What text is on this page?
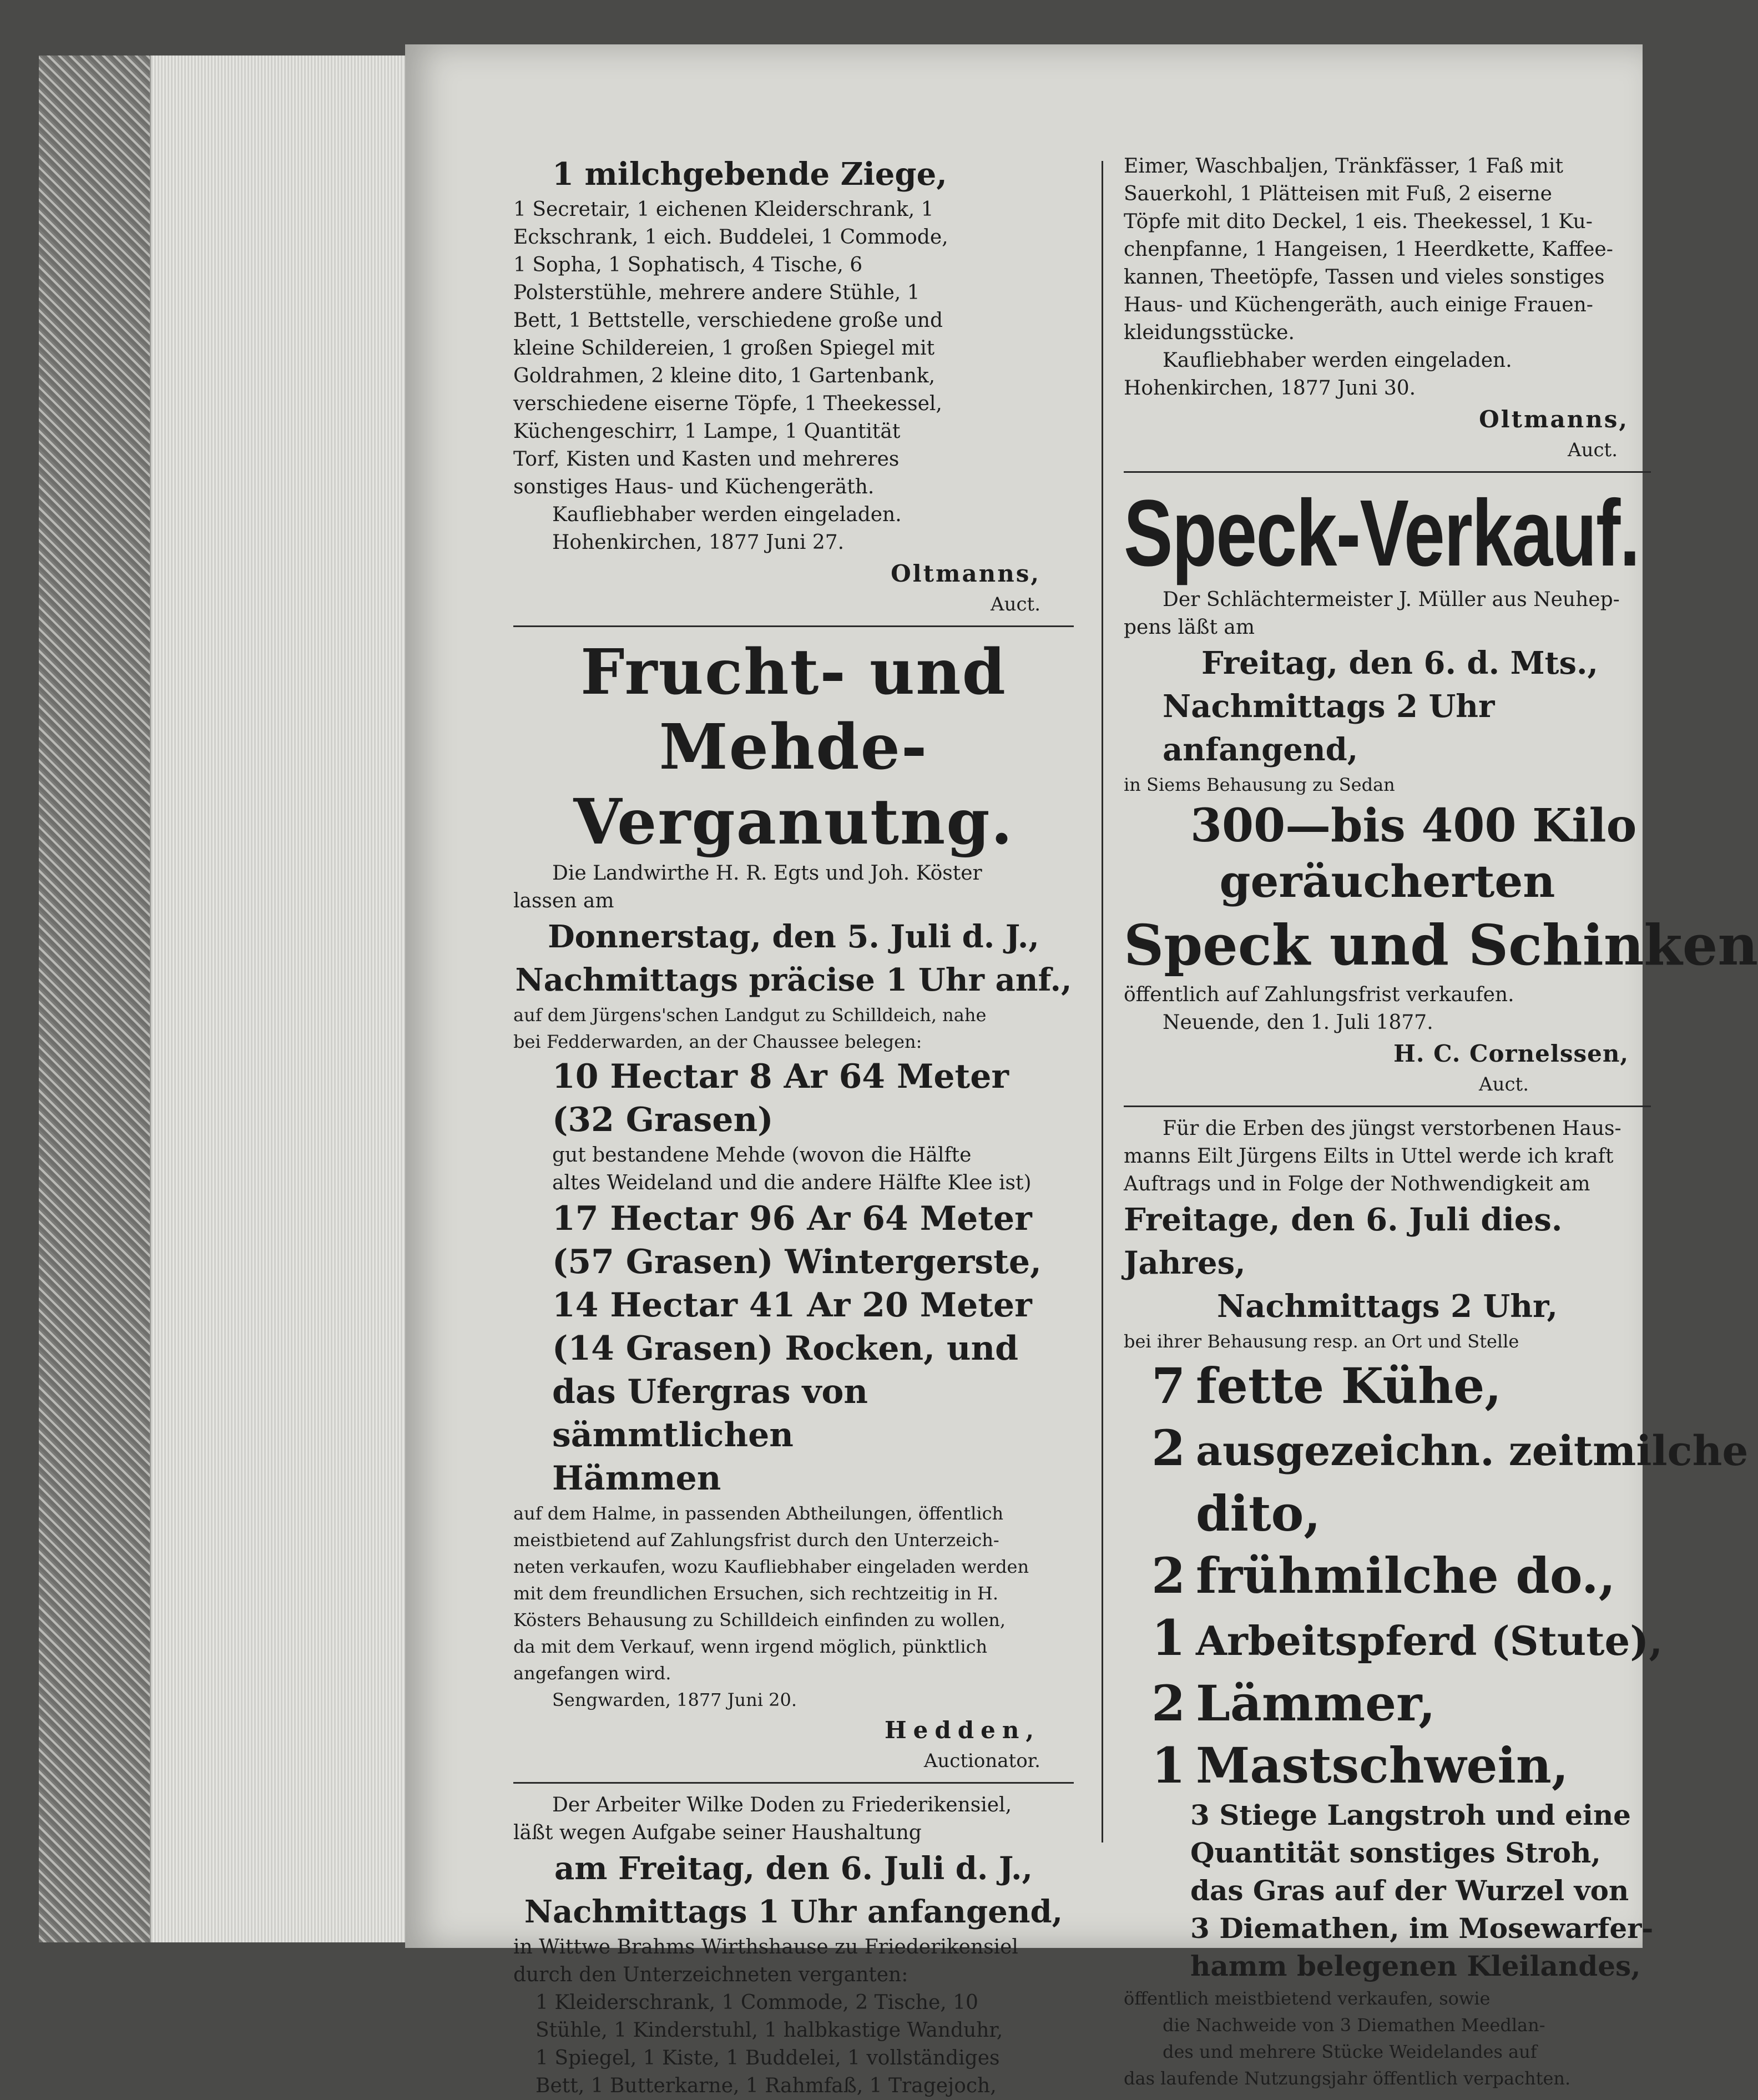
1 milchgebende Ziege,
1 Secretair, 1 eichenen Kleiderschrank, 1
Eckschrank, 1 eich. Buddelei, 1 Commode,
1 Sopha, 1 Sophatisch, 4 Tische, 6
Polsterstühle, mehrere andere Stühle, 1
Bett, 1 Bettstelle, verschiedene große und
kleine Schildereien, 1 großen Spiegel mit
Goldrahmen, 2 kleine dito, 1 Gartenbank,
verschiedene eiserne Töpfe, 1 Theekessel,
Küchengeschirr, 1 Lampe, 1 Quantität
Torf, Kisten und Kasten und mehreres
sonstiges Haus- und Küchengeräth.
Kaufliebhaber werden eingeladen.
Hohenkirchen, 1877 Juni 27.
Oltmanns,
Auct.
Frucht- und Mehde-
Verganutng.
Die Landwirthe H. R. Egts und Joh. Köster
lassen am
Donnerstag, den 5. Juli d. J.,
Nachmittags präcise 1 Uhr anf.,
auf dem Jürgens'schen Landgut zu Schilldeich, nahe
bei Fedderwarden, an der Chaussee belegen:
10 Hectar 8 Ar 64 Meter
(32 Grasen)
gut bestandene Mehde (wovon die Hälfte
altes Weideland und die andere Hälfte Klee ist)
17 Hectar 96 Ar 64 Meter
(57 Grasen) Wintergerste,
14 Hectar 41 Ar 20 Meter
(14 Grasen) Rocken, und
das Ufergras von sämmtlichen
Hämmen
auf dem Halme, in passenden Abtheilungen, öffentlich
meistbietend auf Zahlungsfrist durch den Unterzeich-
neten verkaufen, wozu Kaufliebhaber eingeladen werden
mit dem freundlichen Ersuchen, sich rechtzeitig in H.
Kösters Behausung zu Schilldeich einfinden zu wollen,
da mit dem Verkauf, wenn irgend möglich, pünktlich
angefangen wird.
Sengwarden, 1877 Juni 20.
Hedden,
Auctionator.
Der Arbeiter Wilke Doden zu Friederikensiel,
läßt wegen Aufgabe seiner Haushaltung
am Freitag, den 6. Juli d. J.,
Nachmittags 1 Uhr anfangend,
in Wittwe Brahms Wirthshause zu Friederikensiel
durch den Unterzeichneten verganten:
1 Kleiderschrank, 1 Commode, 2 Tische, 10
Stühle, 1 Kinderstuhl, 1 halbkastige Wanduhr,
1 Spiegel, 1 Kiste, 1 Buddelei, 1 vollständiges
Bett, 1 Butterkarne, 1 Rahmfaß, 1 Tragejoch,
Eimer, Waschbaljen, Tränkfässer, 1 Faß mit
Sauerkohl, 1 Plätteisen mit Fuß, 2 eiserne
Töpfe mit dito Deckel, 1 eis. Theekessel, 1 Ku-
chenpfanne, 1 Hangeisen, 1 Heerdkette, Kaffee-
kannen, Theetöpfe, Tassen und vieles sonstiges
Haus- und Küchengeräth, auch einige Frauen-
kleidungsstücke.
Kaufliebhaber werden eingeladen.
Hohenkirchen, 1877 Juni 30.
Oltmanns,
Auct.
Speck-Verkauf.
Der Schlächtermeister J. Müller aus Neuhep-
pens läßt am
Freitag, den 6. d. Mts.,
Nachmittags 2 Uhr anfangend,
in Siems Behausung zu Sedan
300—bis 400 Kilo
geräucherten
Speck und Schinken
öffentlich auf Zahlungsfrist verkaufen.
Neuende, den 1. Juli 1877.
H. C. Cornelssen,
Auct.
Für die Erben des jüngst verstorbenen Haus-
manns Eilt Jürgens Eilts in Uttel werde ich kraft
Auftrags und in Folge der Nothwendigkeit am
Freitage, den 6. Juli dies. Jahres,
Nachmittags 2 Uhr,
bei ihrer Behausung resp. an Ort und Stelle
7 fette Kühe,
2 ausgezeichn. zeitmilche
dito,
2 frühmilche do.,
1 Arbeitspferd (Stute),
2 Lämmer,
1 Mastschwein,
3 Stiege Langstroh und eine
Quantität sonstiges Stroh,
das Gras auf der Wurzel von
3 Diemathen, im Mosewarfer-
hamm belegenen Kleilandes,
öffentlich meistbietend verkaufen, sowie
die Nachweide von 3 Diemathen Meedlan-
des und mehrere Stücke Weidelandes auf
das laufende Nutzungsjahr öffentlich verpachten.
